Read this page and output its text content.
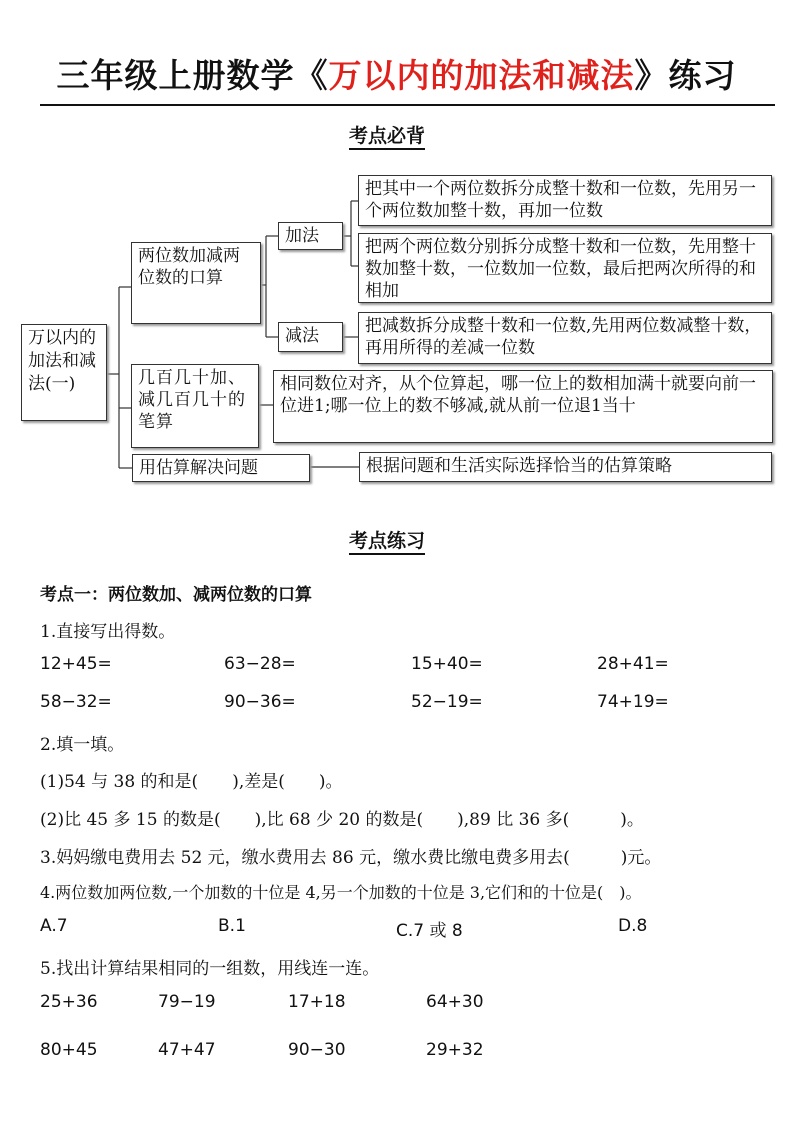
三年级上册数学《万以内的加法和减法》练习
考点必背
万以内的加法和减法(一)
两位数加减两位数的口算
几百几十加、减几百几十的笔算
用估算解决问题
加法
减法
把其中一个两位数拆分成整十数和一位数，先用另一个两位数加整十数，再加一位数
把两个两位数分别拆分成整十数和一位数，先用整十数加整十数，一位数加一位数，最后把两次所得的和相加
把减数拆分成整十数和一位数,先用两位数减整十数，再用所得的差减一位数
相同数位对齐，从个位算起，哪一位上的数相加满十就要向前一位进1;哪一位上的数不够减,就从前一位退1当十
根据问题和生活实际选择恰当的估算策略
考点练习
考点一：两位数加、减两位数的口算
1.直接写出得数。
12+45=	63−28=	15+40=	28+41=
58−32=	90−36=	52−19=	74+19=
2.填一填。
(1)54 与 38 的和是(　　),差是(　　)。
(2)比 45 多 15 的数是(　　),比 68 少 20 的数是(　　),89 比 36 多(　　　)。
3.妈妈缴电费用去 52 元，缴水费用去 86 元，缴水费比缴电费多用去(　　　)元。
4.两位数加两位数,一个加数的十位是 4,另一个加数的十位是 3,它们和的十位是(　)。
A.7	B.1	C.7 或 8	D.8
5.找出计算结果相同的一组数，用线连一连。
25+36	79−19	17+18	64+30
80+45	47+47	90−30	29+32
